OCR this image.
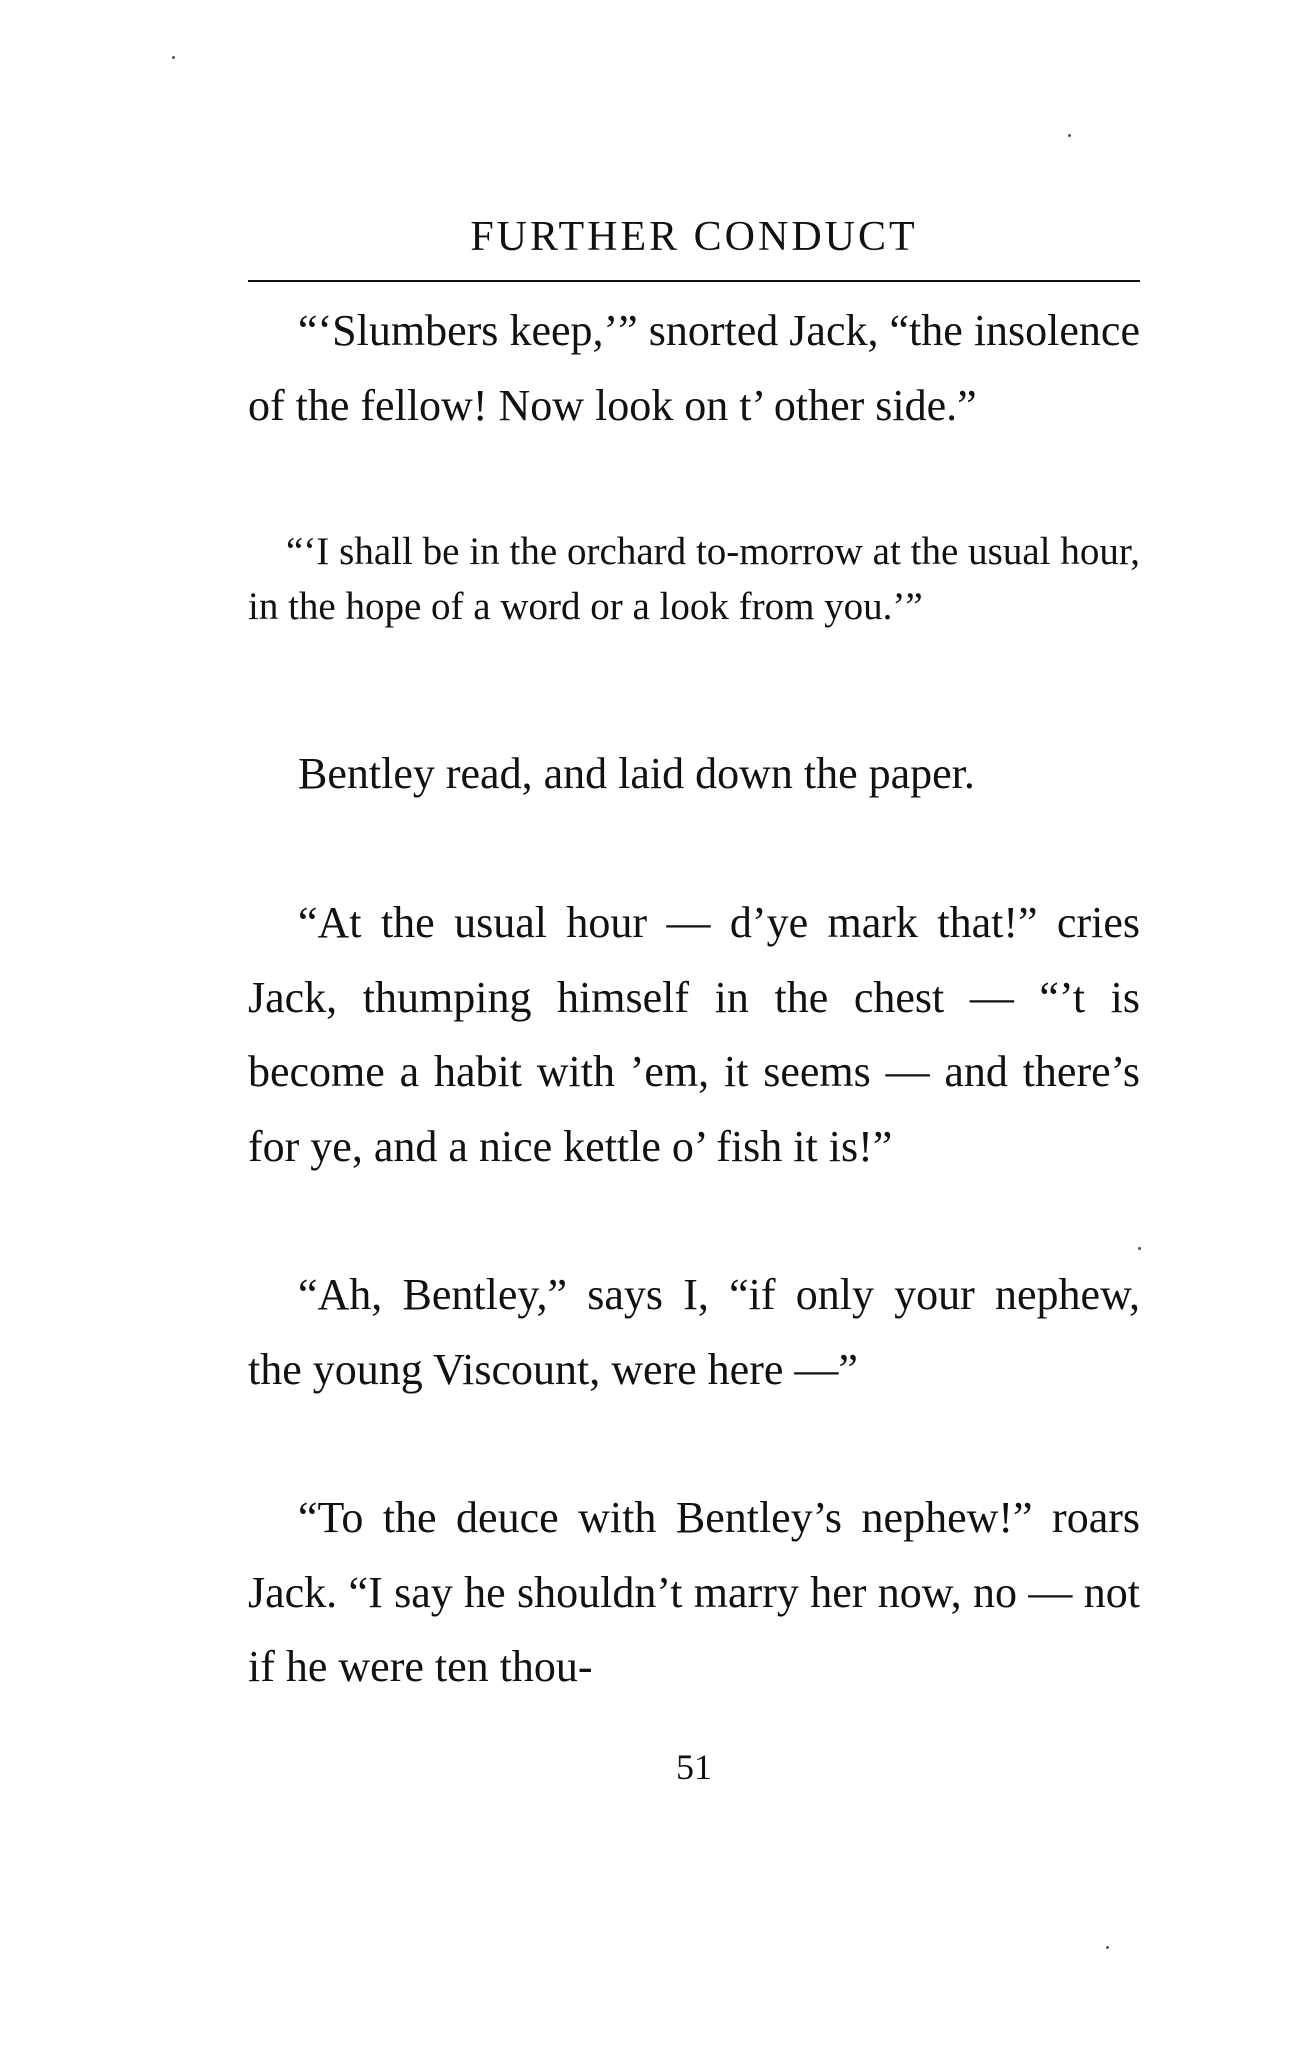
FURTHER CONDUCT

“‘Slumbers keep,’” snorted Jack, “the insolence of the fellow! Now look on t’ other side.”

“‘I shall be in the orchard to-morrow at the usual hour, in the hope of a word or a look from you.’”

Bentley read, and laid down the paper.

“At the usual hour — d’ye mark that!” cries Jack, thumping himself in the chest — “’t is become a habit with ’em, it seems — and there’s for ye, and a nice kettle o’ fish it is!”

“Ah, Bentley,” says I, “if only your nephew, the young Viscount, were here —”

“To the deuce with Bentley’s nephew!” roars Jack. “I say he shouldn’t marry her now, no — not if he were ten thou-

51
